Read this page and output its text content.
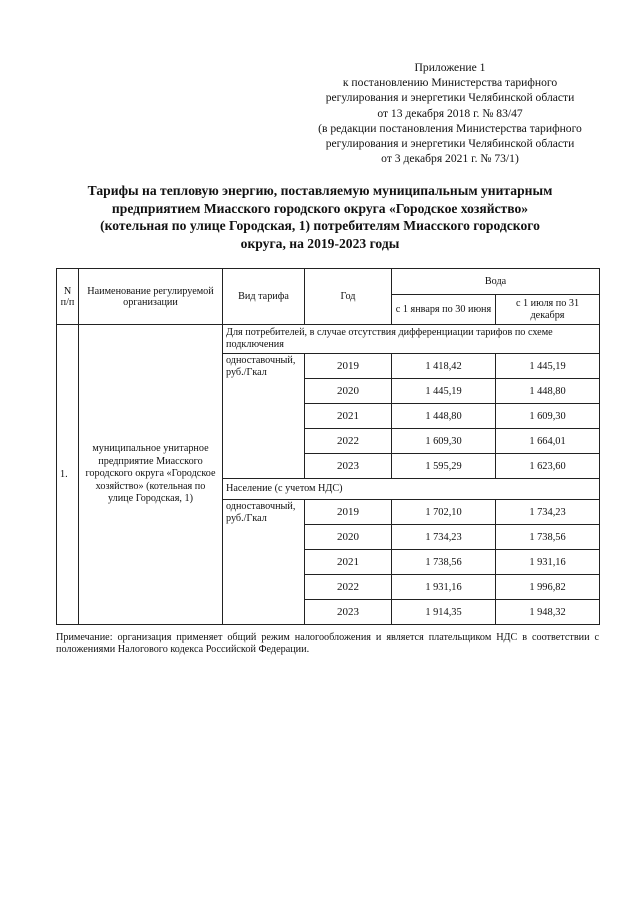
Приложение 1
к постановлению Министерства тарифного
регулирования и энергетики Челябинской области
от 13 декабря 2018 г. № 83/47
(в редакции постановления Министерства тарифного
регулирования и энергетики Челябинской области
от 3 декабря 2021 г. № 73/1)
Тарифы на тепловую энергию, поставляемую муниципальным унитарным
предприятием Миасского городского округа «Городское хозяйство»
(котельная по улице Городская, 1) потребителям Миасского городского
округа, на 2019-2023 годы
N п/п	Наименование регулируемой организации	Вид тарифа	Год	Вода	
				с 1 января по 30 июня	с 1 июля по 31 декабря
1.	муниципальное унитарное предприятие Миасского городского округа «Городское хозяйство» (котельная по улице Городская, 1)	Для потребителей, в случае отсутствия дифференциации тарифов по схеме подключения			
		одноставочный, руб./Гкал	2019	1 418,42	1 445,19
			2020	1 445,19	1 448,80
			2021	1 448,80	1 609,30
			2022	1 609,30	1 664,01
			2023	1 595,29	1 623,60
		Население (с учетом НДС)			
		одноставочный, руб./Гкал	2019	1 702,10	1 734,23
			2020	1 734,23	1 738,56
			2021	1 738,56	1 931,16
			2022	1 931,16	1 996,82
			2023	1 914,35	1 948,32
Примечание: организация применяет общий режим налогообложения и является плательщиком НДС в соответствии с положениями Налогового кодекса Российской Федерации.
